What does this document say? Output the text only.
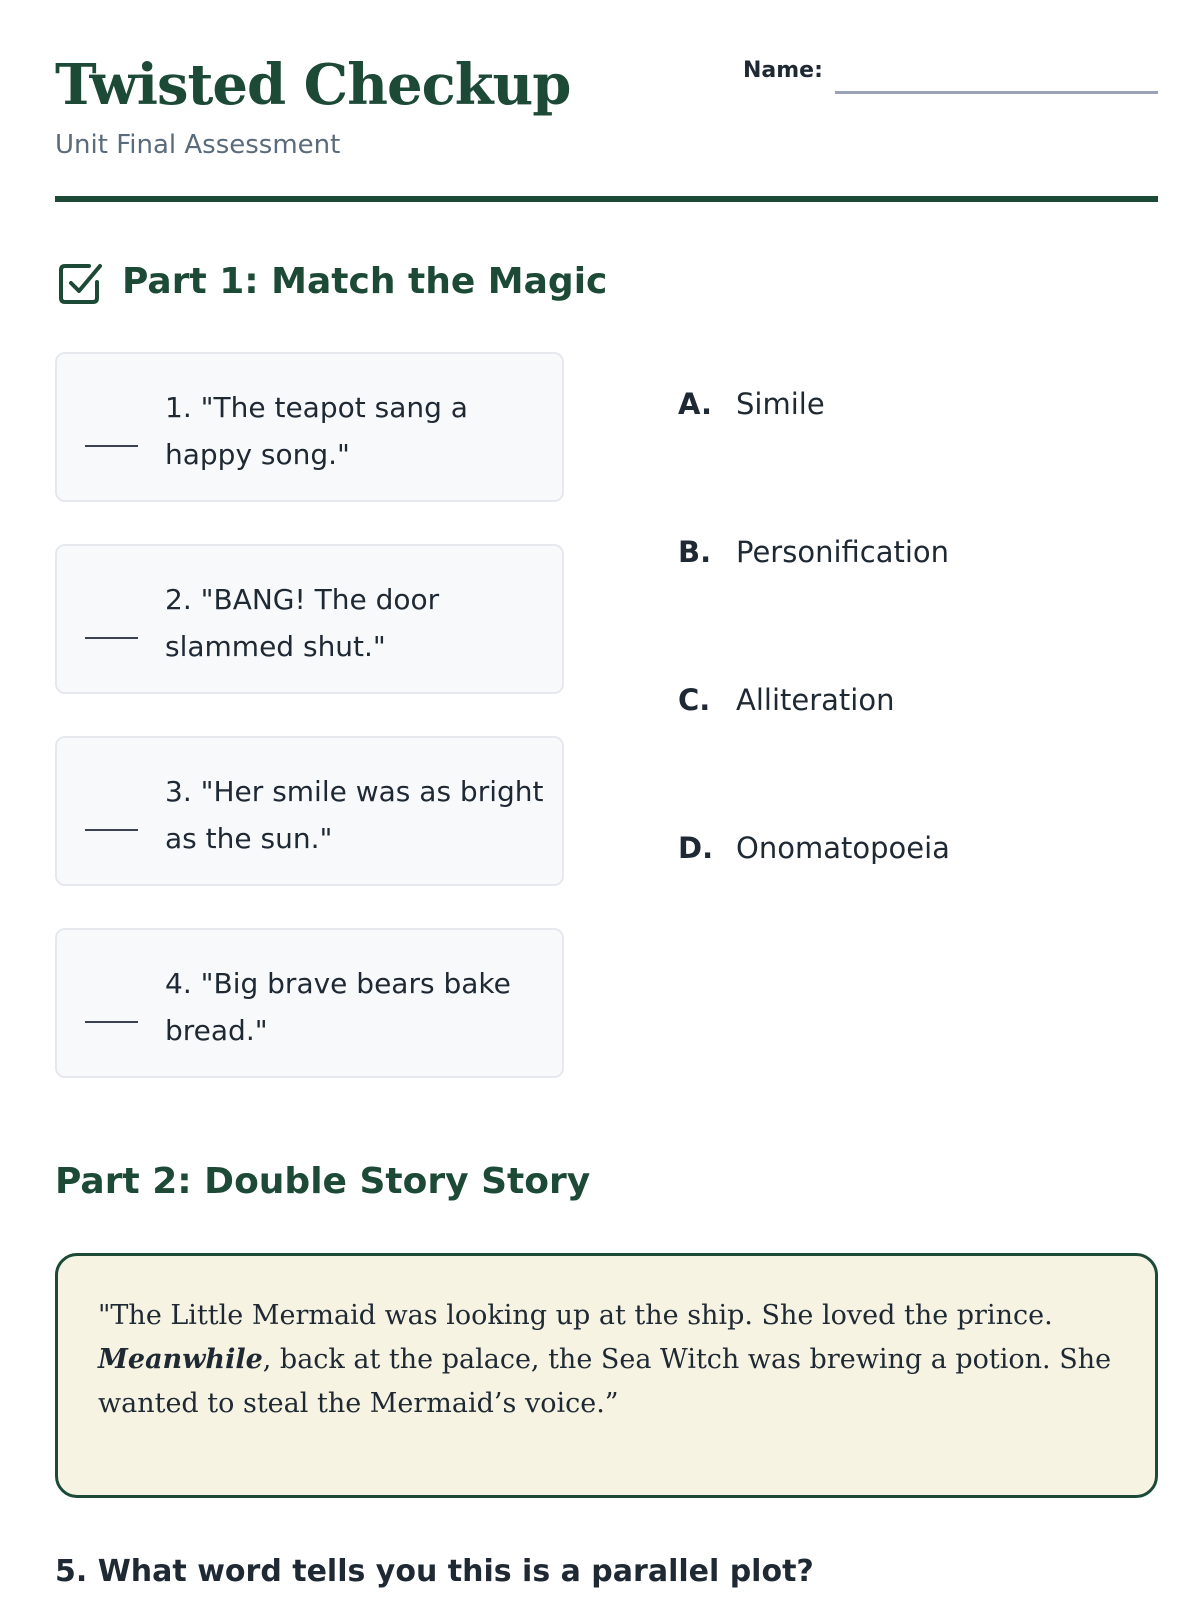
Twisted Checkup
Unit Final Assessment
Name:
Part 1: Match the Magic
1. "The teapot sang a happy song."
2. "BANG! The door slammed shut."
3. "Her smile was as bright as the sun."
4. "Big brave bears bake bread."
A. Simile
B. Personification
C. Alliteration
D. Onomatopoeia
Part 2: Double Story Story
"The Little Mermaid was looking up at the ship. She loved the prince. Meanwhile, back at the palace, the Sea Witch was brewing a potion. She wanted to steal the Mermaid’s voice.”
5. What word tells you this is a parallel plot?
